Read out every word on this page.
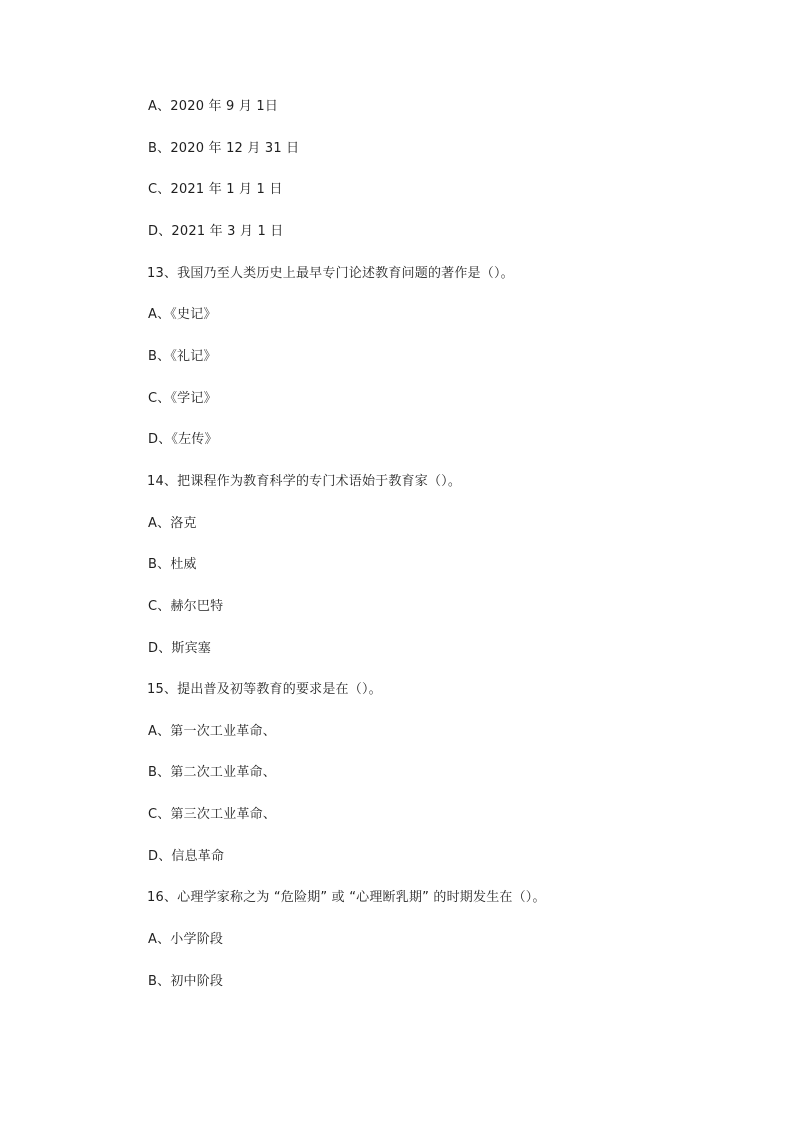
A、2020 年 9 月 1日
B、2020 年 12 月 31 日
C、2021 年 1 月 1 日
D、2021 年 3 月 1 日
13、我国乃至人类历史上最早专门论述教育问题的著作是（）。
A、《史记》
B、《礼记》
C、《学记》
D、《左传》
14、把课程作为教育科学的专门术语始于教育家（）。
A、洛克
B、杜威
C、赫尔巴特
D、斯宾塞
15、提出普及初等教育的要求是在（）。
A、第一次工业革命、
B、第二次工业革命、
C、第三次工业革命、
D、信息革命
16、心理学家称之为 “危险期” 或 “心理断乳期” 的时期发生在（）。
A、小学阶段
B、初中阶段
